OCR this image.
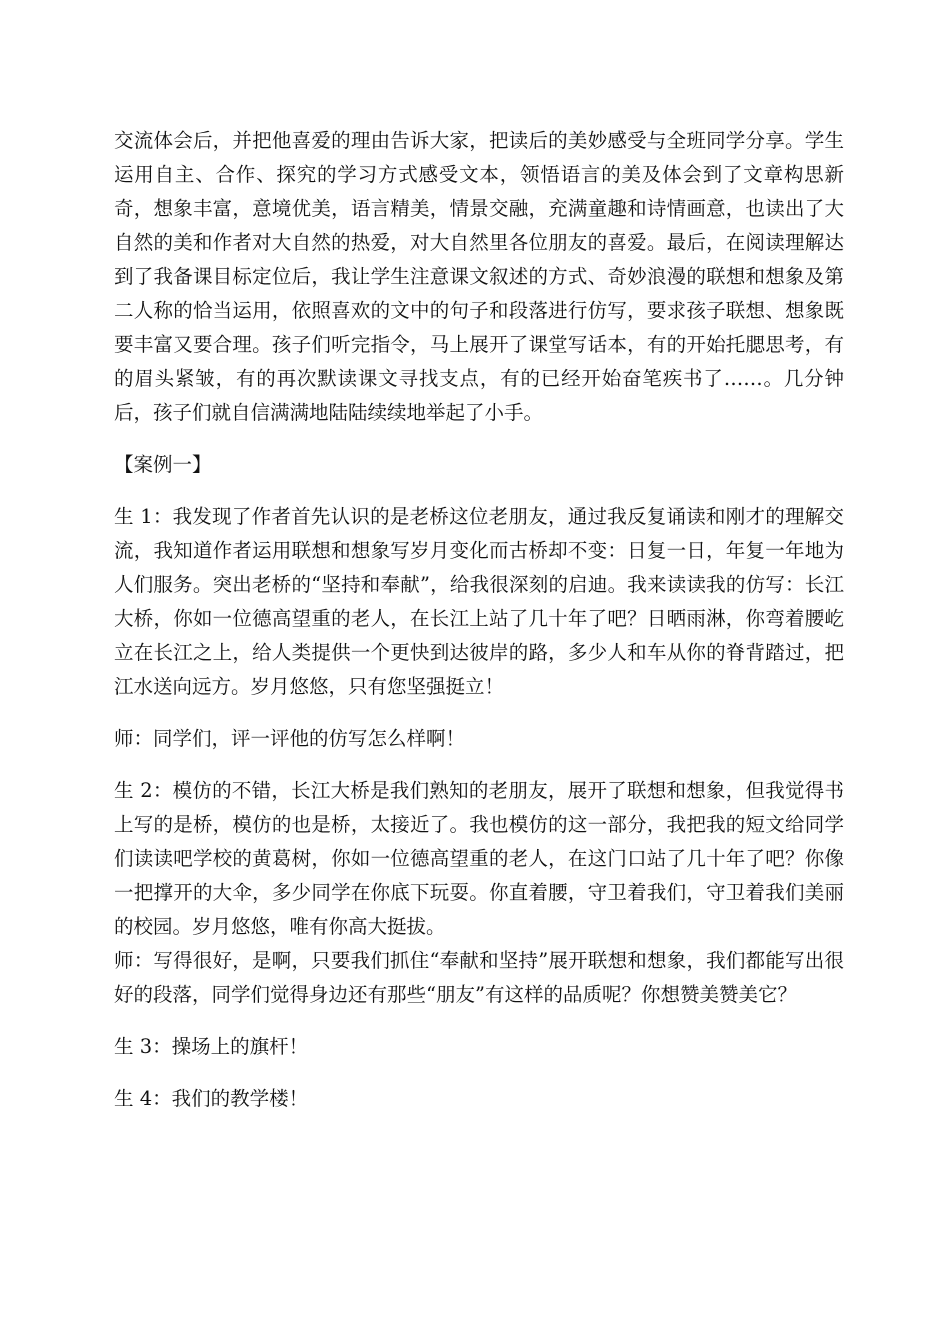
交流体会后，并把他喜爱的理由告诉大家，把读后的美妙感受与全班同学分享。学生运用自主、合作、探究的学习方式感受文本，领悟语言的美及体会到了文章构思新奇，想象丰富，意境优美，语言精美，情景交融，充满童趣和诗情画意，也读出了大自然的美和作者对大自然的热爱，对大自然里各位朋友的喜爱。最后，在阅读理解达到了我备课目标定位后，我让学生注意课文叙述的方式、奇妙浪漫的联想和想象及第二人称的恰当运用，依照喜欢的文中的句子和段落进行仿写，要求孩子联想、想象既要丰富又要合理。孩子们听完指令，马上展开了课堂写话本，有的开始托腮思考，有的眉头紧皱，有的再次默读课文寻找支点，有的已经开始奋笔疾书了……。几分钟后，孩子们就自信满满地陆陆续续地举起了小手。

【案例一】

生 1：我发现了作者首先认识的是老桥这位老朋友，通过我反复诵读和刚才的理解交流，我知道作者运用联想和想象写岁月变化而古桥却不变：日复一日，年复一年地为人们服务。突出老桥的“坚持和奉献”，给我很深刻的启迪。我来读读我的仿写：长江大桥，你如一位德高望重的老人，在长江上站了几十年了吧？日晒雨淋，你弯着腰屹立在长江之上，给人类提供一个更快到达彼岸的路，多少人和车从你的脊背踏过，把江水送向远方。岁月悠悠，只有您坚强挺立！

师：同学们，评一评他的仿写怎么样啊！

生 2：模仿的不错，长江大桥是我们熟知的老朋友，展开了联想和想象，但我觉得书上写的是桥，模仿的也是桥，太接近了。我也模仿的这一部分，我把我的短文给同学们读读吧学校的黄葛树，你如一位德高望重的老人，在这门口站了几十年了吧？你像一把撑开的大伞，多少同学在你底下玩耍。你直着腰，守卫着我们，守卫着我们美丽的校园。岁月悠悠，唯有你高大挺拔。

师：写得很好，是啊，只要我们抓住“奉献和坚持”展开联想和想象，我们都能写出很好的段落，同学们觉得身边还有那些“朋友”有这样的品质呢？你想赞美赞美它？

生 3：操场上的旗杆！

生 4：我们的教学楼！
